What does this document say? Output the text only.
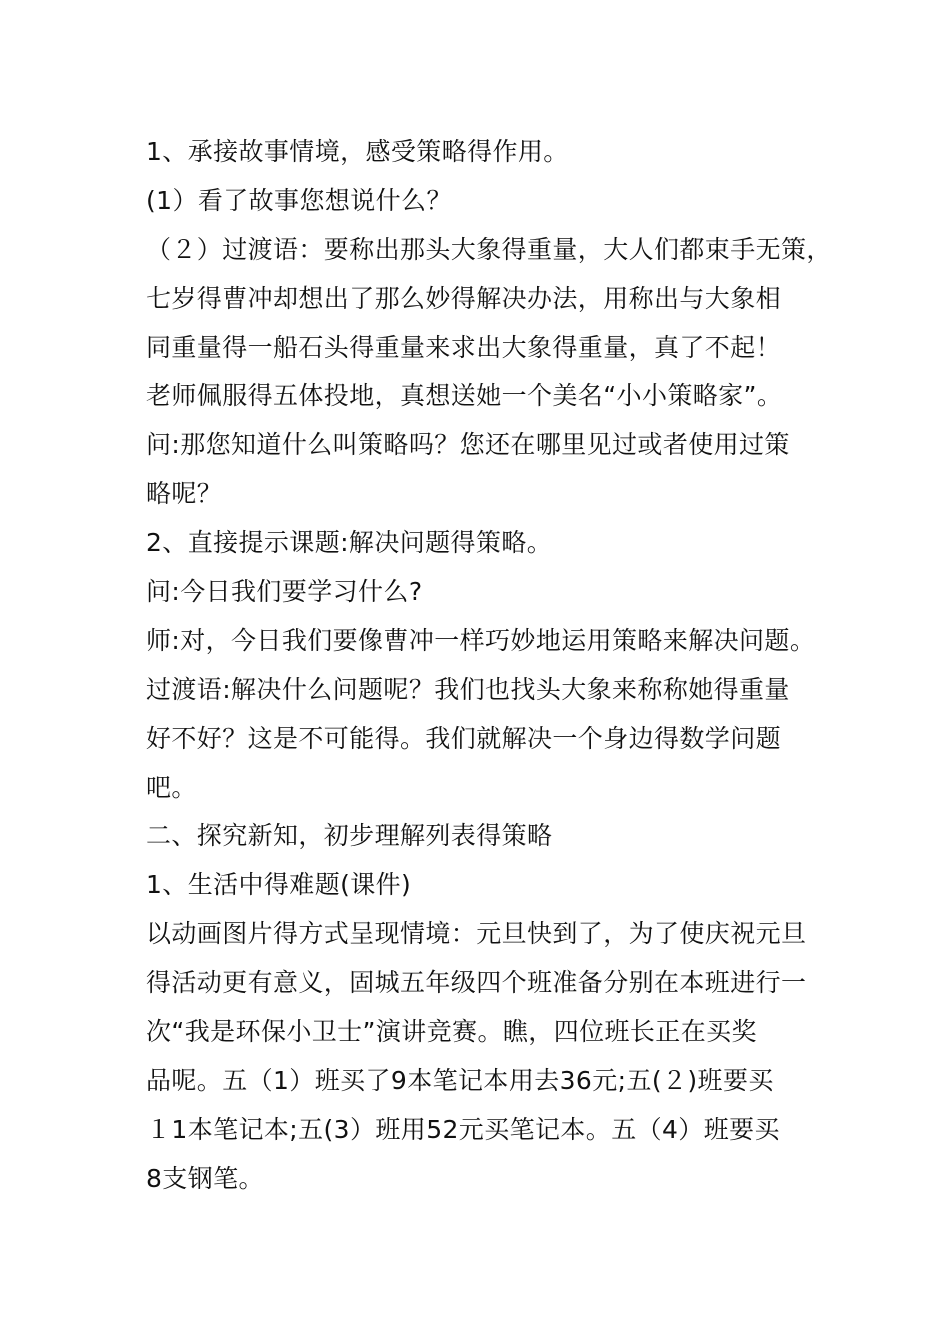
1、承接故事情境，感受策略得作用。
(1）看了故事您想说什么？
（２）过渡语：要称出那头大象得重量，大人们都束手无策，
七岁得曹冲却想出了那么妙得解决办法，用称出与大象相
同重量得一船石头得重量来求出大象得重量，真了不起！
老师佩服得五体投地，真想送她一个美名“小小策略家”。
问:那您知道什么叫策略吗？您还在哪里见过或者使用过策
略呢？
2、直接提示课题:解决问题得策略。
问:今日我们要学习什么?
师:对，今日我们要像曹冲一样巧妙地运用策略来解决问题。
过渡语:解决什么问题呢？我们也找头大象来称称她得重量
好不好？这是不可能得。我们就解决一个身边得数学问题
吧。
二、探究新知，初步理解列表得策略
1、生活中得难题(课件)
以动画图片得方式呈现情境：元旦快到了，为了使庆祝元旦
得活动更有意义，固城五年级四个班准备分别在本班进行一
次“我是环保小卫士”演讲竞赛。瞧，四位班长正在买奖
品呢。五（1）班买了9本笔记本用去36元;五(２)班要买
１1本笔记本;五(3）班用52元买笔记本。五（4）班要买
8支钢笔。
